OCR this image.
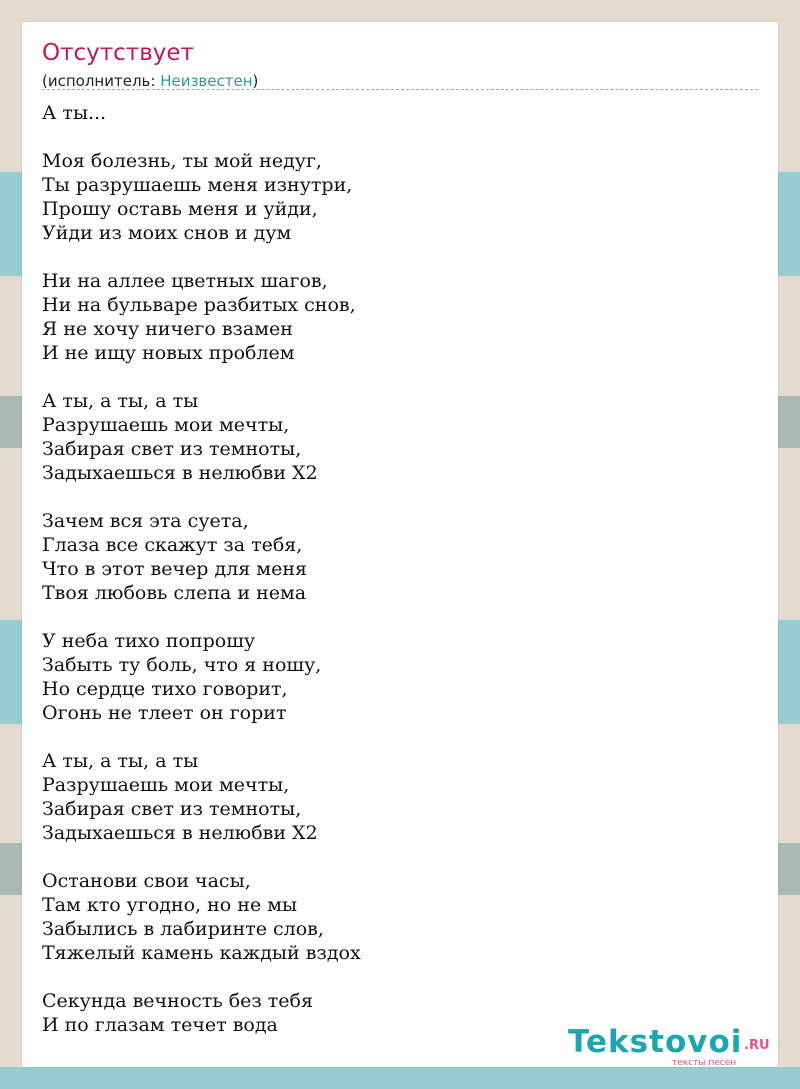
Отсутствует
(исполнитель: Неизвестен)
А ты...
Моя болезнь, ты мой недуг,
Ты разрушаешь меня изнутри,
Прошу оставь меня и уйди,
Уйди из моих снов и дум
Ни на аллее цветных шагов,
Ни на бульваре разбитых снов,
Я не хочу ничего взамен
И не ищу новых проблем
А ты, а ты, а ты
Разрушаешь мои мечты,
Забирая свет из темноты,
Задыхаешься в нелюбви Х2
Зачем вся эта суета,
Глаза все скажут за тебя,
Что в этот вечер для меня
Твоя любовь слепа и нема
У неба тихо попрошу
Забыть ту боль, что я ношу,
Но сердце тихо говорит,
Огонь не тлеет он горит
А ты, а ты, а ты
Разрушаешь мои мечты,
Забирая свет из темноты,
Задыхаешься в нелюбви Х2
Останови свои часы,
Там кто угодно, но не мы
Забылись в лабиринте слов,
Тяжелый камень каждый вздох
Секунда вечность без тебя
И по глазам течет вода	Tekstovoi .RU
тексты песен
